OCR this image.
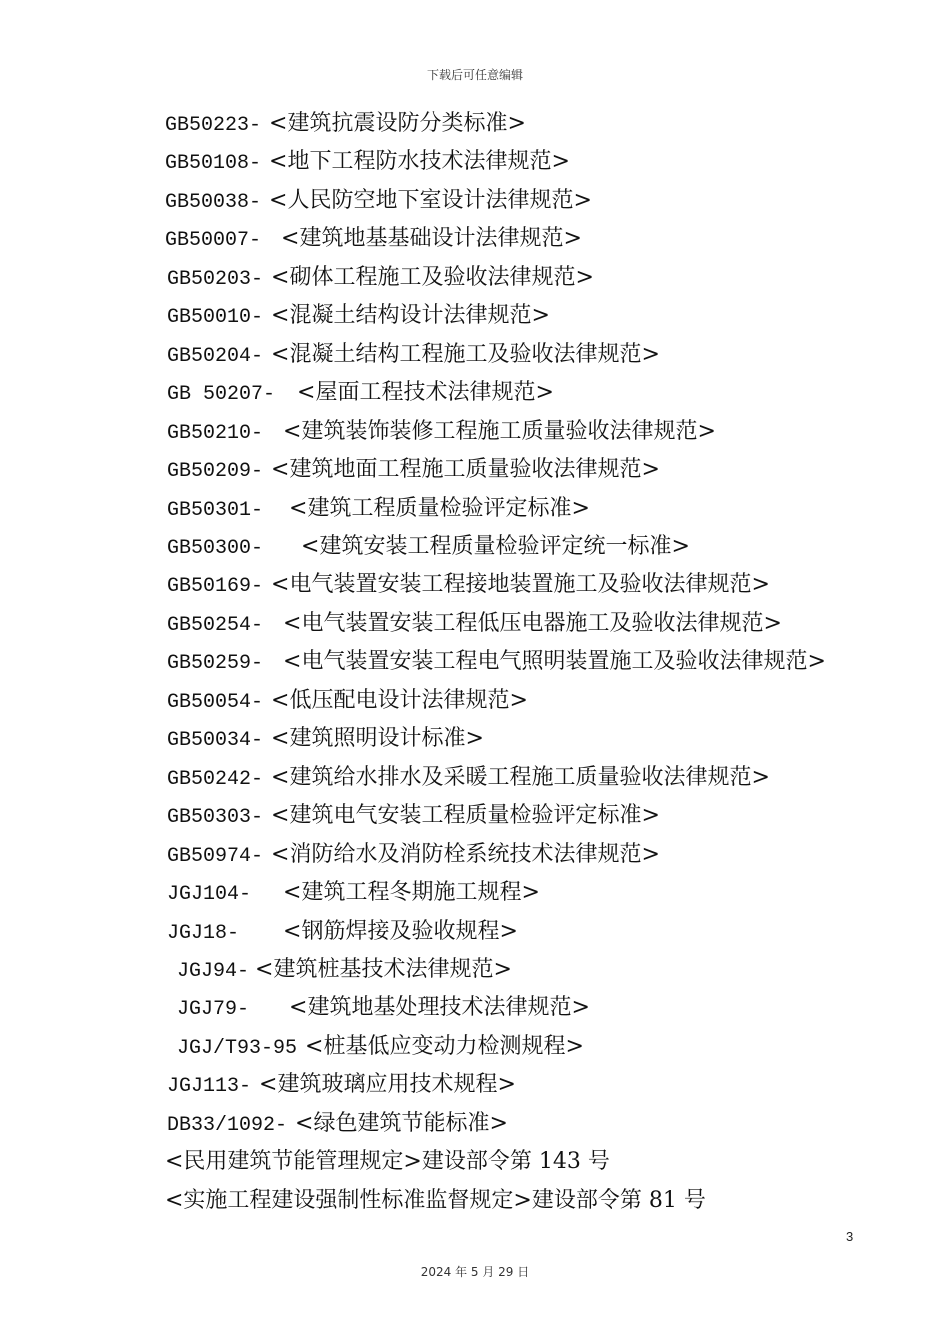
下载后可任意编辑
GB50223- <建筑抗震设防分类标准>
GB50108- <地下工程防水技术法律规范>
GB50038- <人民防空地下室设计法律规范>
GB50007- <建筑地基基础设计法律规范>
GB50203- <砌体工程施工及验收法律规范>
GB50010- <混凝土结构设计法律规范>
GB50204- <混凝土结构工程施工及验收法律规范>
GB 50207- <屋面工程技术法律规范>
GB50210- <建筑装饰装修工程施工质量验收法律规范>
GB50209- <建筑地面工程施工质量验收法律规范>
GB50301- <建筑工程质量检验评定标准>
GB50300- <建筑安装工程质量检验评定统一标准>
GB50169- <电气装置安装工程接地装置施工及验收法律规范>
GB50254- <电气装置安装工程低压电器施工及验收法律规范>
GB50259- <电气装置安装工程电气照明装置施工及验收法律规范>
GB50054- <低压配电设计法律规范>
GB50034- <建筑照明设计标准>
GB50242- <建筑给水排水及采暖工程施工质量验收法律规范>
GB50303- <建筑电气安装工程质量检验评定标准>
GB50974- <消防给水及消防栓系统技术法律规范>
JGJ104- <建筑工程冬期施工规程>
JGJ18- <钢筋焊接及验收规程>
JGJ94- <建筑桩基技术法律规范>
JGJ79- <建筑地基处理技术法律规范>
JGJ/T93-95 <桩基低应变动力检测规程>
JGJ113- <建筑玻璃应用技术规程>
DB33/1092- <绿色建筑节能标准>
<民用建筑节能管理规定>建设部令第 143 号
<实施工程建设强制性标准监督规定>建设部令第 81 号
3
2024 年 5 月 29 日
